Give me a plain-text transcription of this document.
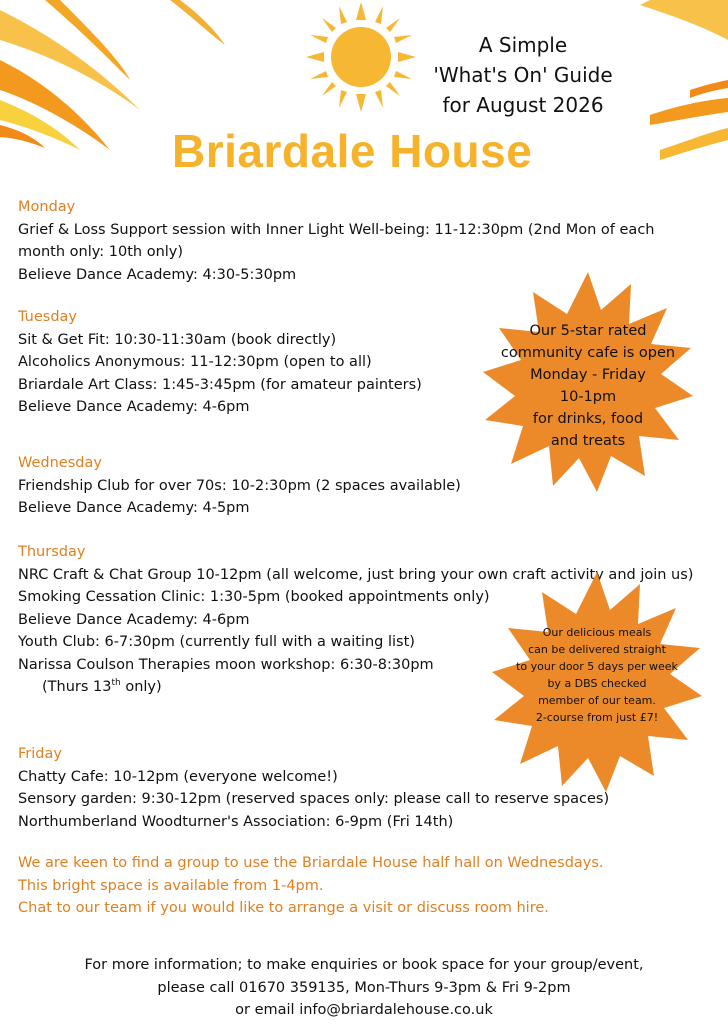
A Simple
'What's On' Guide
for August 2026
Briardale House
Monday
Grief & Loss Support session with Inner Light Well-being: 11-12:30pm (2nd Mon of each month only: 10th only)
Believe Dance Academy: 4:30-5:30pm
Tuesday
Sit & Get Fit: 10:30-11:30am (book directly)
Alcoholics Anonymous: 11-12:30pm (open to all)
Briardale Art Class: 1:45-3:45pm (for amateur painters)
Believe Dance Academy: 4-6pm
Wednesday
Friendship Club for over 70s: 10-2:30pm (2 spaces available)
Believe Dance Academy: 4-5pm
Thursday
NRC Craft & Chat Group 10-12pm (all welcome, just bring your own craft activity and join us)
Smoking Cessation Clinic: 1:30-5pm (booked appointments only)
Believe Dance Academy: 4-6pm
Youth Club: 6-7:30pm (currently full with a waiting list)
Narissa Coulson Therapies moon workshop: 6:30-8:30pm
(Thurs 13th only)
Friday
Chatty Cafe: 10-12pm (everyone welcome!)
Sensory garden: 9:30-12pm (reserved spaces only: please call to reserve spaces)
Northumberland Woodturner's Association: 6-9pm (Fri 14th)
Our 5-star rated
community cafe is open
Monday - Friday
10-1pm
for drinks, food
and treats
Our delicious meals
can be delivered straight
to your door 5 days per week
by a DBS checked
member of our team.
2-course from just £7!
We are keen to find a group to use the Briardale House half hall on Wednesdays.
This bright space is available from 1-4pm.
Chat to our team if you would like to arrange a visit or discuss room hire.
For more information; to make enquiries or book space for your group/event,
please call 01670 359135, Mon-Thurs 9-3pm & Fri 9-2pm
or email info@briardalehouse.co.uk
